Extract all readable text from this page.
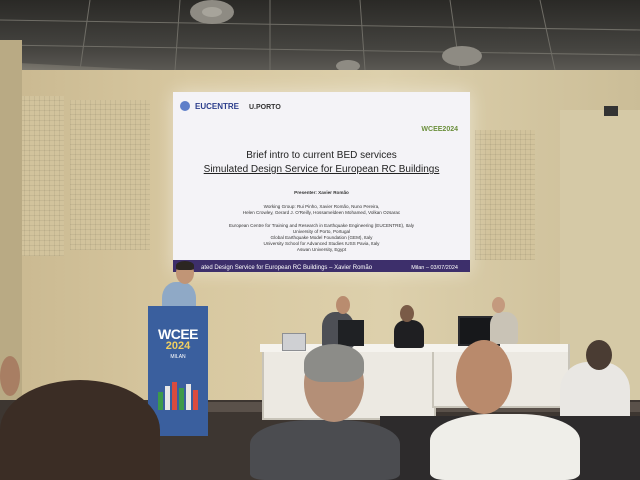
EUCENTRE U.PORTO
WCEE2024
Brief intro to current BED services
Simulated Design Service for European RC Buildings
Presenter: Xavier Romão
Working Group: Rui Pinho, Xavier Romão, Nuno Pereira,
Helen Crowley, Gerard J. O'Reilly, Hossameldeen Mohamed, Volkan Ozsarac
European Centre for Training and Research in Earthquake Engineering (EUCENTRE), Italy
University of Porto, Portugal
Global Earthquake Model Foundation (GEM), Italy
University School for Advanced Studies IUSS Pavia, Italy
Aswan University, Egypt
ated Design Service for European RC Buildings – Xavier Romão	Milan – 03/07/2024
WCEE
2024
MILAN
